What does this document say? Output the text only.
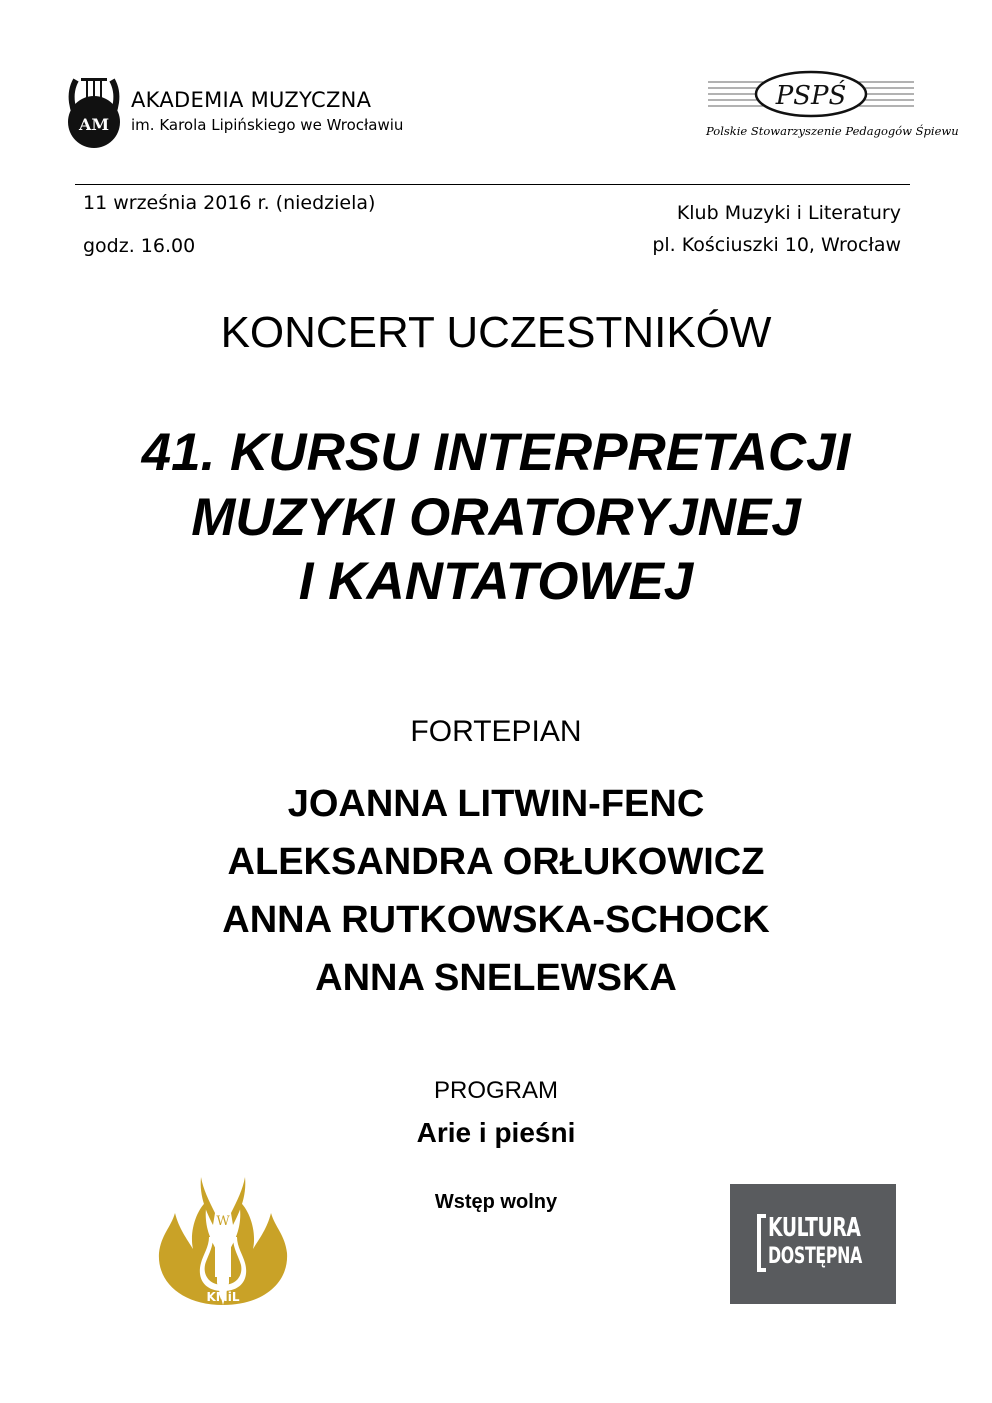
AM
AKADEMIA MUZYCZNA
im. Karola Lipińskiego we Wrocławiu
PSPŚ
Polskie Stowarzyszenie Pedagogów Śpiewu
11 września 2016 r. (niedziela)
godz. 16.00
Klub Muzyki i Literatury
pl. Kościuszki 10, Wrocław
KONCERT UCZESTNIKÓW
41. KURSU INTERPRETACJI
MUZYKI ORATORYJNEJ
I KANTATOWEJ
FORTEPIAN
JOANNA LITWIN-FENC
ALEKSANDRA ORŁUKOWICZ
ANNA RUTKOWSKA-SCHOCK
ANNA SNELEWSKA
PROGRAM
Arie i pieśni
Wstęp wolny
W
KMiL
KULTURA
DOSTĘPNA
